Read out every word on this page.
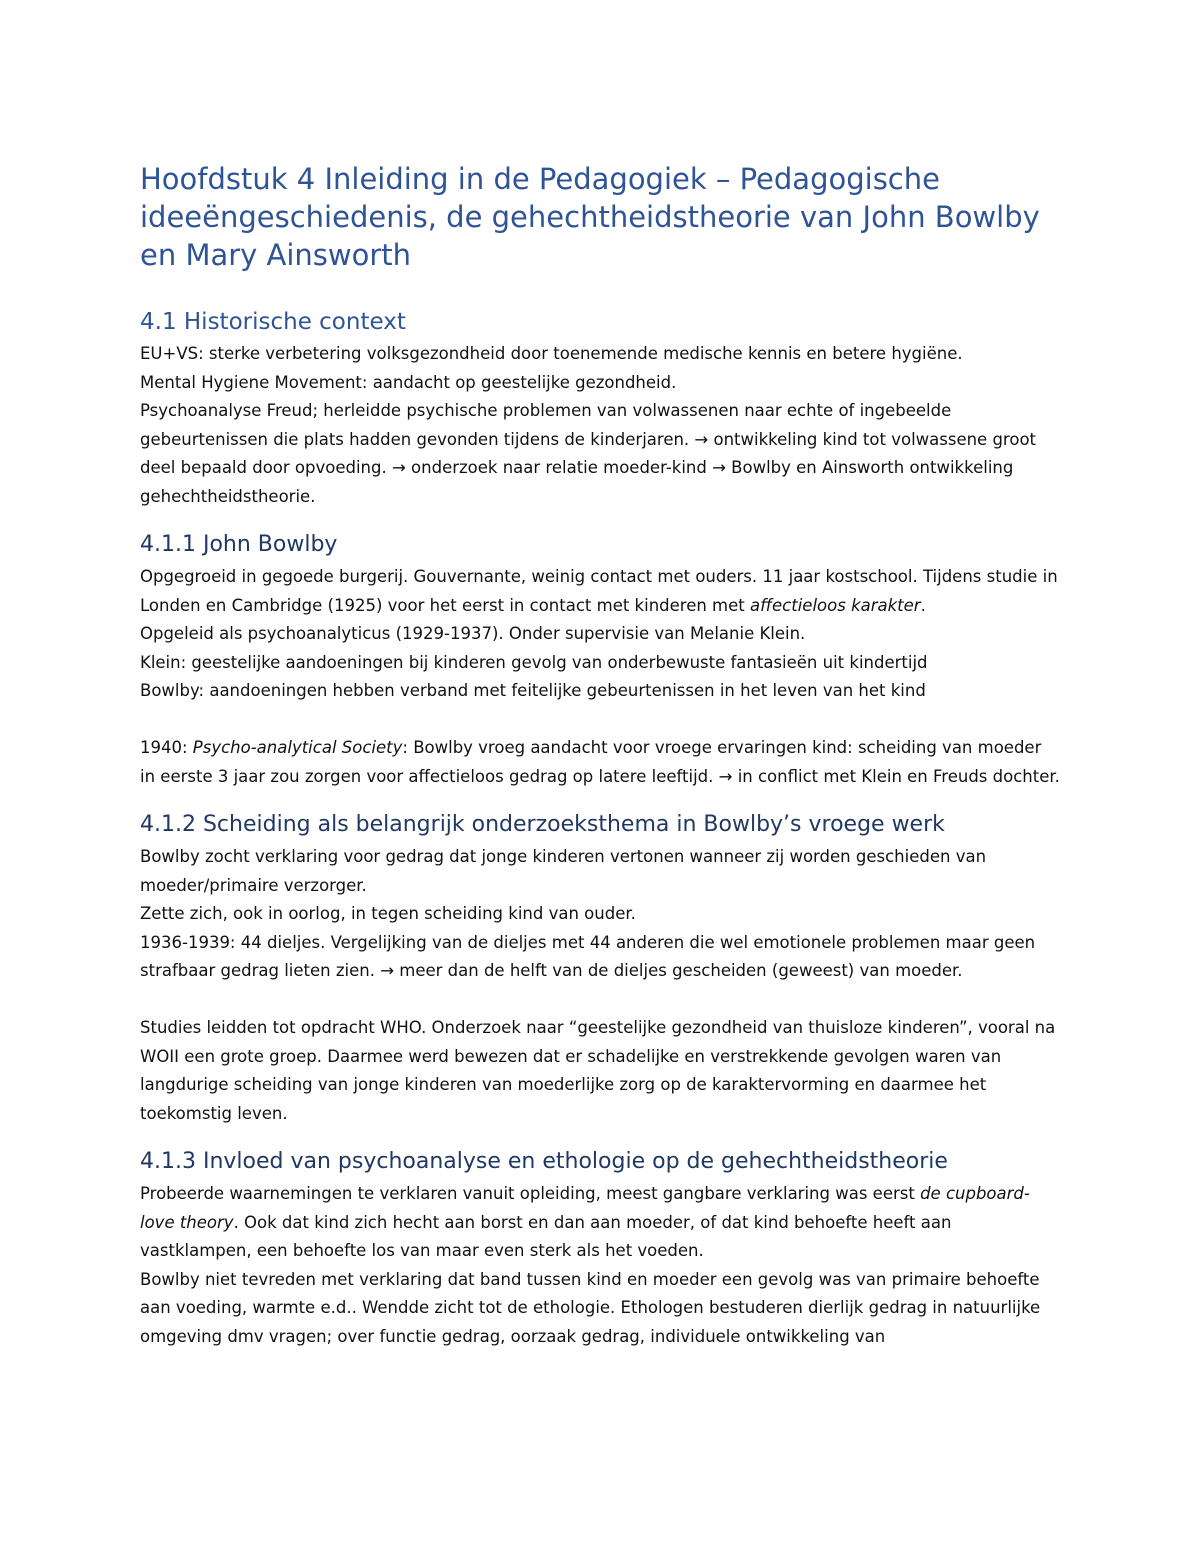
Hoofdstuk 4 Inleiding in de Pedagogiek – Pedagogische ideeëngeschiedenis, de gehechtheidstheorie van John Bowlby en Mary Ainsworth
4.1 Historische context

EU+VS: sterke verbetering volksgezondheid door toenemende medische kennis en betere hygiëne.

Mental Hygiene Movement: aandacht op geestelijke gezondheid.

Psychoanalyse Freud; herleidde psychische problemen van volwassenen naar echte of ingebeelde gebeurtenissen die plats hadden gevonden tijdens de kinderjaren. → ontwikkeling kind tot volwassene groot deel bepaald door opvoeding. → onderzoek naar relatie moeder-kind → Bowlby en Ainsworth ontwikkeling gehechtheidstheorie.

4.1.1 John Bowlby

Opgegroeid in gegoede burgerij. Gouvernante, weinig contact met ouders. 11 jaar kostschool. Tijdens studie in Londen en Cambridge (1925) voor het eerst in contact met kinderen met affectieloos karakter.

Opgeleid als psychoanalyticus (1929-1937). Onder supervisie van Melanie Klein.

Klein: geestelijke aandoeningen bij kinderen gevolg van onderbewuste fantasieën uit kindertijd

Bowlby: aandoeningen hebben verband met feitelijke gebeurtenissen in het leven van het kind

1940: Psycho-analytical Society: Bowlby vroeg aandacht voor vroege ervaringen kind: scheiding van moeder in eerste 3 jaar zou zorgen voor affectieloos gedrag op latere leeftijd. → in conflict met Klein en Freuds dochter.

4.1.2 Scheiding als belangrijk onderzoeksthema in Bowlby’s vroege werk

Bowlby zocht verklaring voor gedrag dat jonge kinderen vertonen wanneer zij worden geschieden van moeder/primaire verzorger.

Zette zich, ook in oorlog, in tegen scheiding kind van ouder.

1936-1939: 44 dieljes. Vergelijking van de dieljes met 44 anderen die wel emotionele problemen maar geen strafbaar gedrag lieten zien. → meer dan de helft van de dieljes gescheiden (geweest) van moeder.

Studies leidden tot opdracht WHO. Onderzoek naar “geestelijke gezondheid van thuisloze kinderen”, vooral na WOII een grote groep. Daarmee werd bewezen dat er schadelijke en verstrekkende gevolgen waren van langdurige scheiding van jonge kinderen van moederlijke zorg op de karaktervorming en daarmee het toekomstig leven.

4.1.3 Invloed van psychoanalyse en ethologie op de gehechtheidstheorie

Probeerde waarnemingen te verklaren vanuit opleiding, meest gangbare verklaring was eerst de cupboard-love theory. Ook dat kind zich hecht aan borst en dan aan moeder, of dat kind behoefte heeft aan vastklampen, een behoefte los van maar even sterk als het voeden.

Bowlby niet tevreden met verklaring dat band tussen kind en moeder een gevolg was van primaire behoefte aan voeding, warmte e.d.. Wendde zicht tot de ethologie. Ethologen bestuderen dierlijk gedrag in natuurlijke omgeving dmv vragen; over functie gedrag, oorzaak gedrag, individuele ontwikkeling van
